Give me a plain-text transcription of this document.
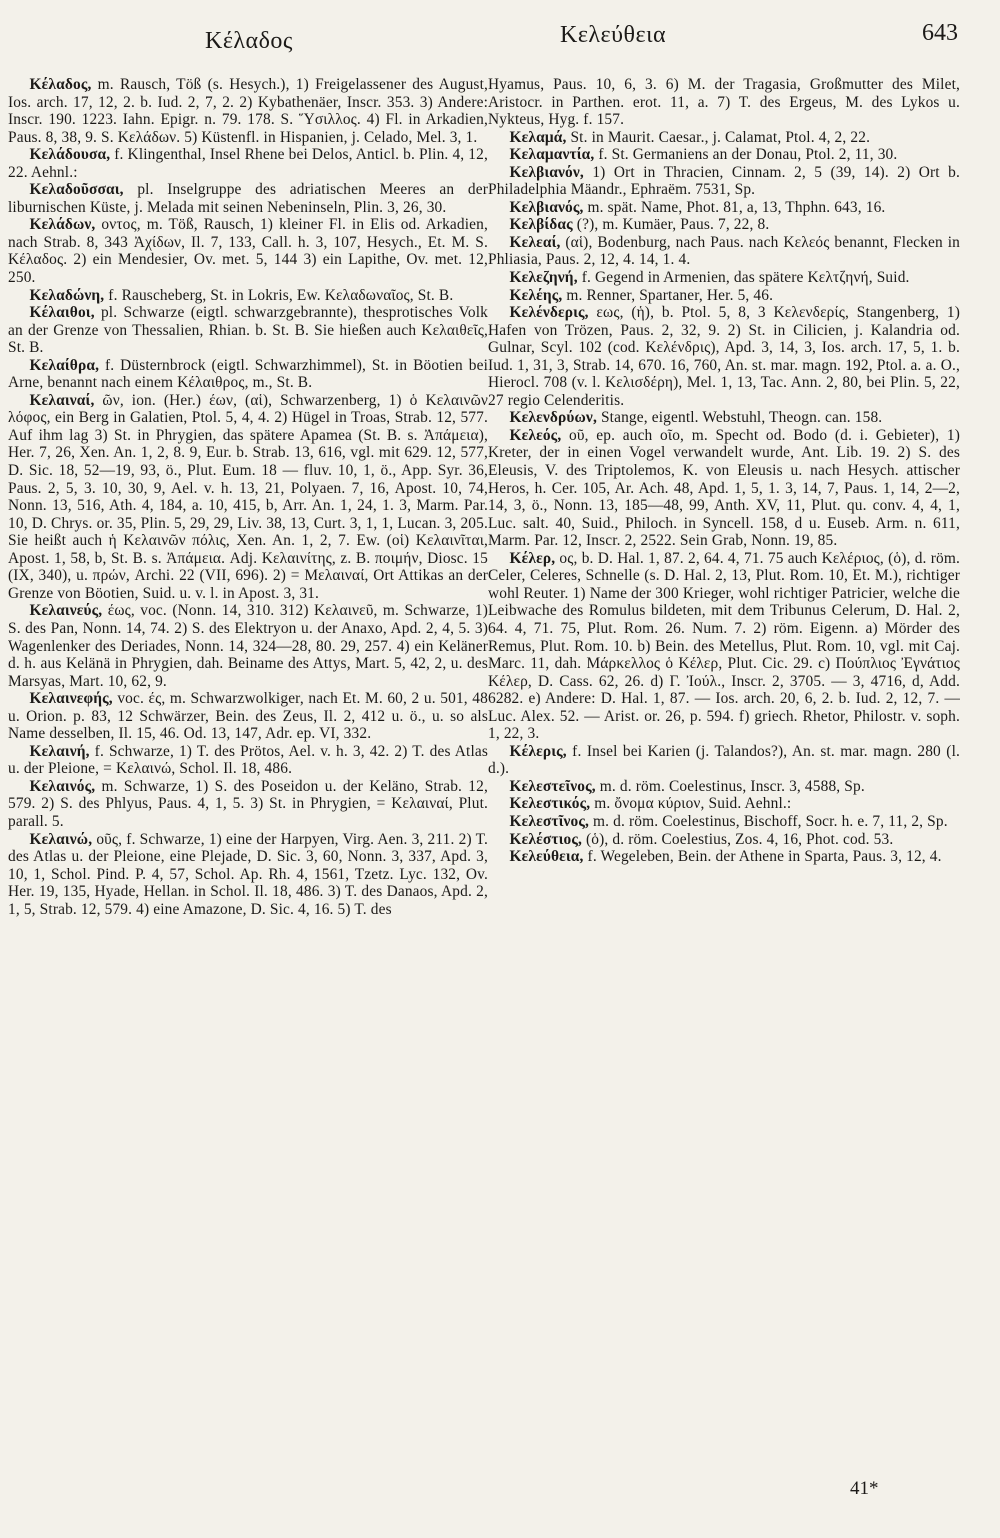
Κέλαδος	Κελεύθεια	643

Κέλαδος, m. Rausch, Töß (s. Hesych.), 1) Freigelassener des August, Ios. arch. 17, 12, 2. b. Iud. 2, 7, 2. 2) Kybathenäer, Inscr. 353. 3) Andere: Inscr. 190. 1223. Iahn. Epigr. n. 79. 178. S. Ὕσιλλος. 4) Fl. in Arkadien, Paus. 8, 38, 9. S. Κελάδων. 5) Küstenfl. in Hispanien, j. Celado, Mel. 3, 1.

Κελάδουσα, f. Klingenthal, Insel Rhene bei Delos, Anticl. b. Plin. 4, 12, 22. Aehnl.:

Κελαδοῦσσαι, pl. Inselgruppe des adriatischen Meeres an der liburnischen Küste, j. Melada mit seinen Nebeninseln, Plin. 3, 26, 30.

Κελάδων, οντος, m. Töß, Rausch, 1) kleiner Fl. in Elis od. Arkadien, nach Strab. 8, 343 Ἀχίδων, Il. 7, 133, Call. h. 3, 107, Hesych., Et. M. S. Κέλαδος. 2) ein Mendesier, Ov. met. 5, 144 3) ein Lapithe, Ov. met. 12, 250.

Κελαδώνη, f. Rauscheberg, St. in Lokris, Ew. Κελαδωναῖος, St. B.

Κέλαιθοι, pl. Schwarze (eigtl. schwarzgebrannte), thesprotisches Volk an der Grenze von Thessalien, Rhian. b. St. B. Sie hießen auch Κελαιθεῖς, St. B.

Κελαίθρα, f. Düsternbrock (eigtl. Schwarzhimmel), St. in Böotien bei Arne, benannt nach einem Κέλαιθρος, m., St. B.

Κελαιναί, ῶν, ion. (Her.) έων, (αἱ), Schwarzenberg, 1) ὁ Κελαινῶν λόφος, ein Berg in Galatien, Ptol. 5, 4, 4. 2) Hügel in Troas, Strab. 12, 577. Auf ihm lag 3) St. in Phrygien, das spätere Apamea (St. B. s. Ἀπάμεια), Her. 7, 26, Xen. An. 1, 2, 8. 9, Eur. b. Strab. 13, 616, vgl. mit 629. 12, 577, D. Sic. 18, 52—19, 93, ö., Plut. Eum. 18 — fluv. 10, 1, ö., App. Syr. 36, Paus. 2, 5, 3. 10, 30, 9, Ael. v. h. 13, 21, Polyaen. 7, 16, Apost. 10, 74, Nonn. 13, 516, Ath. 4, 184, a. 10, 415, b, Arr. An. 1, 24, 1. 3, Marm. Par. 10, D. Chrys. or. 35, Plin. 5, 29, 29, Liv. 38, 13, Curt. 3, 1, 1, Lucan. 3, 205. Sie heißt auch ἡ Κελαινῶν πόλις, Xen. An. 1, 2, 7. Ew. (οἱ) Κελαινῖται, Apost. 1, 58, b, St. B. s. Ἀπάμεια. Adj. Κελαινίτης, z. B. ποιμήν, Diosc. 15 (IX, 340), u. πρών, Archi. 22 (VII, 696). 2) = Μελαιναί, Ort Attikas an der Grenze von Böotien, Suid. u. v. l. in Apost. 3, 31.

Κελαινεύς, έως, voc. (Nonn. 14, 310. 312) Κελαινεῦ, m. Schwarze, 1) S. des Pan, Nonn. 14, 74. 2) S. des Elektryon u. der Anaxo, Apd. 2, 4, 5. 3) Wagenlenker des Deriades, Nonn. 14, 324—28, 80. 29, 257. 4) ein Keläner d. h. aus Kelänä in Phrygien, dah. Beiname des Attys, Mart. 5, 42, 2, u. des Marsyas, Mart. 10, 62, 9.

Κελαινεφής, voc. ές, m. Schwarzwolkiger, nach Et. M. 60, 2 u. 501, 48 u. Orion. p. 83, 12 Schwärzer, Bein. des Zeus, Il. 2, 412 u. ö., u. so als Name desselben, Il. 15, 46. Od. 13, 147, Adr. ep. VI, 332.

Κελαινή, f. Schwarze, 1) T. des Prötos, Ael. v. h. 3, 42. 2) T. des Atlas u. der Pleione, = Κελαινώ, Schol. Il. 18, 486.

Κελαινός, m. Schwarze, 1) S. des Poseidon u. der Keläno, Strab. 12, 579. 2) S. des Phlyus, Paus. 4, 1, 5. 3) St. in Phrygien, = Κελαιναί, Plut. parall. 5.

Κελαινώ, οῦς, f. Schwarze, 1) eine der Harpyen, Virg. Aen. 3, 211. 2) T. des Atlas u. der Pleione, eine Plejade, D. Sic. 3, 60, Nonn. 3, 337, Apd. 3, 10, 1, Schol. Pind. P. 4, 57, Schol. Ap. Rh. 4, 1561, Tzetz. Lyc. 132, Ov. Her. 19, 135, Hyade, Hellan. in Schol. Il. 18, 486. 3) T. des Danaos, Apd. 2, 1, 5, Strab. 12, 579. 4) eine Amazone, D. Sic. 4, 16. 5) T. des

Hyamus, Paus. 10, 6, 3. 6) M. der Tragasia, Großmutter des Milet, Aristocr. in Parthen. erot. 11, a. 7) T. des Ergeus, M. des Lykos u. Nykteus, Hyg. f. 157.

Κελαμά, St. in Maurit. Caesar., j. Calamat, Ptol. 4, 2, 22.

Κελαμαντία, f. St. Germaniens an der Donau, Ptol. 2, 11, 30.

Κελβιανόν, 1) Ort in Thracien, Cinnam. 2, 5 (39, 14). 2) Ort b. Philadelphia Mäandr., Ephraëm. 7531, Sp.

Κελβιανός, m. spät. Name, Phot. 81, a, 13, Thphn. 643, 16.

Κελβίδας (?), m. Kumäer, Paus. 7, 22, 8.

Κελεαί, (αἱ), Bodenburg, nach Paus. nach Κελεός benannt, Flecken in Phliasia, Paus. 2, 12, 4. 14, 1. 4.

Κελεζηνή, f. Gegend in Armenien, das spätere Κελτζηνή, Suid.

Κελέης, m. Renner, Spartaner, Her. 5, 46.

Κελένδερις, εως, (ἡ), b. Ptol. 5, 8, 3 Κελενδερίς, Stangenberg, 1) Hafen von Trözen, Paus. 2, 32, 9. 2) St. in Cilicien, j. Kalandria od. Gulnar, Scyl. 102 (cod. Κελένδρις), Apd. 3, 14, 3, Ios. arch. 17, 5, 1. b. Iud. 1, 31, 3, Strab. 14, 670. 16, 760, An. st. mar. magn. 192, Ptol. a. a. O., Hierocl. 708 (v. l. Κελισδέρη), Mel. 1, 13, Tac. Ann. 2, 80, bei Plin. 5, 22, 27 regio Celenderitis.

Κελενδρύων, Stange, eigentl. Webstuhl, Theogn. can. 158.

Κελεός, οῦ, ep. auch οῖο, m. Specht od. Bodo (d. i. Gebieter), 1) Kreter, der in einen Vogel verwandelt wurde, Ant. Lib. 19. 2) S. des Eleusis, V. des Triptolemos, K. von Eleusis u. nach Hesych. attischer Heros, h. Cer. 105, Ar. Ach. 48, Apd. 1, 5, 1. 3, 14, 7, Paus. 1, 14, 2—2, 14, 3, ö., Nonn. 13, 185—48, 99, Anth. XV, 11, Plut. qu. conv. 4, 4, 1, Luc. salt. 40, Suid., Philoch. in Syncell. 158, d u. Euseb. Arm. n. 611, Marm. Par. 12, Inscr. 2, 2522. Sein Grab, Nonn. 19, 85.

Κέλερ, ος, b. D. Hal. 1, 87. 2, 64. 4, 71. 75 auch Κελέριος, (ὁ), d. röm. Celer, Celeres, Schnelle (s. D. Hal. 2, 13, Plut. Rom. 10, Et. M.), richtiger wohl Reuter. 1) Name der 300 Krieger, wohl richtiger Patricier, welche die Leibwache des Romulus bildeten, mit dem Tribunus Celerum, D. Hal. 2, 64. 4, 71. 75, Plut. Rom. 26. Num. 7. 2) röm. Eigenn. a) Mörder des Remus, Plut. Rom. 10. b) Bein. des Metellus, Plut. Rom. 10, vgl. mit Caj. Marc. 11, dah. Μάρκελλος ὁ Κέλερ, Plut. Cic. 29. c) Πούπλιος Ἐγνάτιος Κέλερ, D. Cass. 62, 26. d) Γ. Ἰούλ., Inscr. 2, 3705. — 3, 4716, d, Add. 6282. e) Andere: D. Hal. 1, 87. — Ios. arch. 20, 6, 2. b. Iud. 2, 12, 7. — Luc. Alex. 52. — Arist. or. 26, p. 594. f) griech. Rhetor, Philostr. v. soph. 1, 22, 3.

Κέλερις, f. Insel bei Karien (j. Talandos?), An. st. mar. magn. 280 (l. d.).

Κελεστεῖνος, m. d. röm. Coelestinus, Inscr. 3, 4588, Sp.

Κελεστικός, m. ὄνομα κύριον, Suid. Aehnl.:

Κελεστῖνος, m. d. röm. Coelestinus, Bischoff, Socr. h. e. 7, 11, 2, Sp.

Κελέστιος, (ὁ), d. röm. Coelestius, Zos. 4, 16, Phot. cod. 53.

Κελεύθεια, f. Wegeleben, Bein. der Athene in Sparta, Paus. 3, 12, 4.

41*
